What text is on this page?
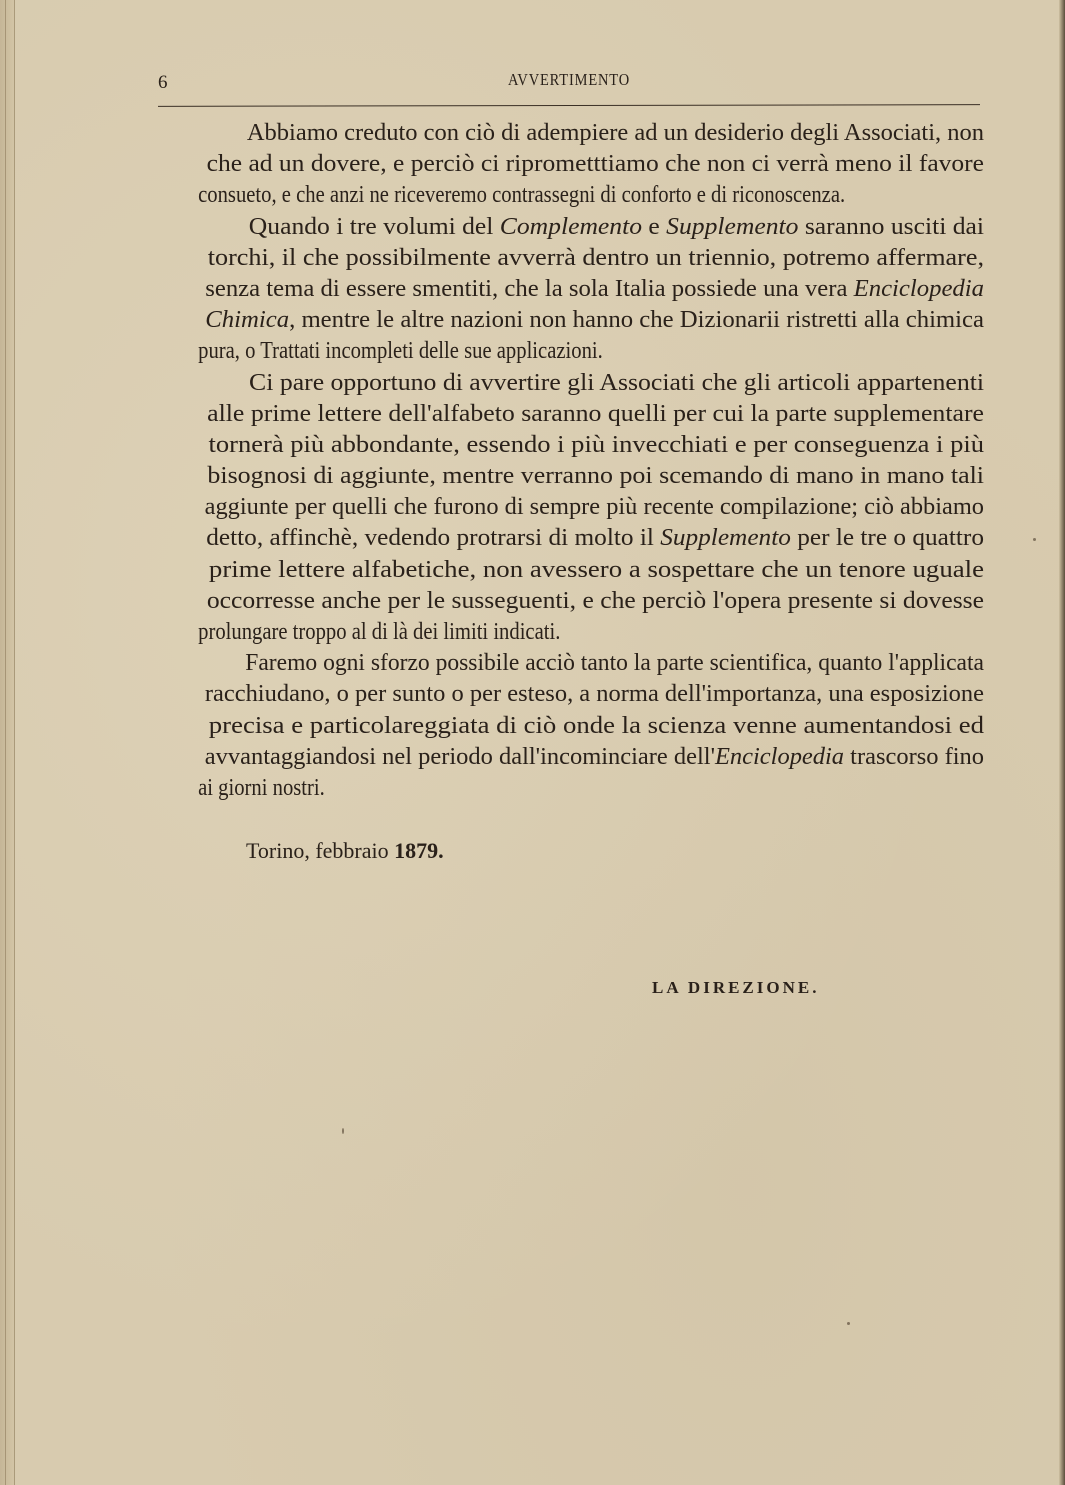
6	AVVERTIMENTO
Abbiamo creduto con ciò di adempiere ad un desiderio degli Associati, non
che ad un dovere, e perciò ci riprometttiamo che non ci verrà meno il favore
consueto, e che anzi ne riceveremo contrassegni di conforto e di riconoscenza.
Quando i tre volumi del Complemento e Supplemento saranno usciti dai
torchi, il che possibilmente avverrà dentro un triennio, potremo affermare,
senza tema di essere smentiti, che la sola Italia possiede una vera Enciclopedia
Chimica, mentre le altre nazioni non hanno che Dizionarii ristretti alla chimica
pura, o Trattati incompleti delle sue applicazioni.
Ci pare opportuno di avvertire gli Associati che gli articoli appartenenti
alle prime lettere dell'alfabeto saranno quelli per cui la parte supplementare
tornerà più abbondante, essendo i più invecchiati e per conseguenza i più
bisognosi di aggiunte, mentre verranno poi scemando di mano in mano tali
aggiunte per quelli che furono di sempre più recente compilazione; ciò abbiamo
detto, affinchè, vedendo protrarsi di molto il Supplemento per le tre o quattro
prime lettere alfabetiche, non avessero a sospettare che un tenore uguale
occorresse anche per le susseguenti, e che perciò l'opera presente si dovesse
prolungare troppo al di là dei limiti indicati.
Faremo ogni sforzo possibile acciò tanto la parte scientifica, quanto l'applicata
racchiudano, o per sunto o per esteso, a norma dell'importanza, una esposizione
precisa e particolareggiata di ciò onde la scienza venne aumentandosi ed
avvantaggiandosi nel periodo dall'incominciare dell'Enciclopedia trascorso fino
ai giorni nostri.
Torino, febbraio 1879.
LA DIREZIONE.
